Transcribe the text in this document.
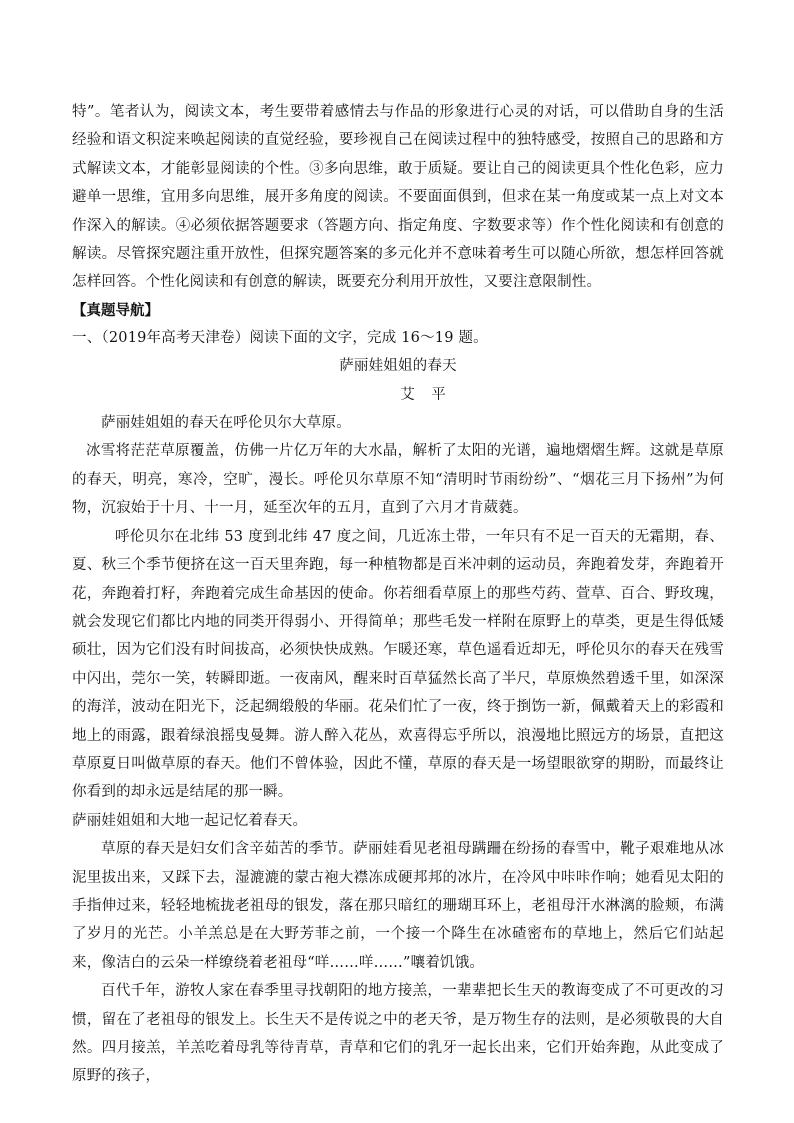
特”。笔者认为，阅读文本，考生要带着感情去与作品的形象进行心灵的对话，可以借助自身的生活经验和语文积淀来唤起阅读的直觉经验，要珍视自己在阅读过程中的独特感受，按照自己的思路和方式解读文本，才能彰显阅读的个性。③多向思维，敢于质疑。要让自己的阅读更具个性化色彩，应力避单一思维，宜用多向思维，展开多角度的阅读。不要面面俱到，但求在某一角度或某一点上对文本作深入的解读。④必须依据答题要求（答题方向、指定角度、字数要求等）作个性化阅读和有创意的解读。尽管探究题注重开放性，但探究题答案的多元化并不意味着考生可以随心所欲，想怎样回答就怎样回答。个性化阅读和有创意的解读，既要充分利用开放性，又要注意限制性。

【真题导航】

一、（2019年高考天津卷）阅读下面的文字，完成 16～19 题。

萨丽娃姐姐的春天

艾 平

萨丽娃姐姐的春天在呼伦贝尔大草原。

冰雪将茫茫草原覆盖，仿佛一片亿万年的大水晶，解析了太阳的光谱，遍地熠熠生辉。这就是草原的春天，明亮，寒冷，空旷，漫长。呼伦贝尔草原不知“清明时节雨纷纷”、“烟花三月下扬州”为何物，沉寂始于十月、十一月，延至次年的五月，直到了六月才肯葳蕤。

呼伦贝尔在北纬 53 度到北纬 47 度之间，几近冻土带，一年只有不足一百天的无霜期，春、夏、秋三个季节便挤在这一百天里奔跑，每一种植物都是百米冲刺的运动员，奔跑着发芽，奔跑着开花，奔跑着打籽，奔跑着完成生命基因的使命。你若细看草原上的那些芍药、萱草、百合、野玫瑰，就会发现它们都比内地的同类开得弱小、开得简单；那些毛发一样附在原野上的草类，更是生得低矮硕壮，因为它们没有时间拔高，必须快快成熟。乍暖还寒，草色遥看近却无，呼伦贝尔的春天在残雪中闪出，莞尔一笑，转瞬即逝。一夜南风，醒来时百草猛然长高了半尺，草原焕然碧透千里，如深深的海洋，波动在阳光下，泛起绸缎般的华丽。花朵们忙了一夜，终于捯饬一新，佩戴着天上的彩霞和地上的雨露，跟着绿浪摇曳曼舞。游人醉入花丛，欢喜得忘乎所以，浪漫地比照远方的场景，直把这草原夏日叫做草原的春天。他们不曾体验，因此不懂，草原的春天是一场望眼欲穿的期盼，而最终让你看到的却永远是结尾的那一瞬。

萨丽娃姐姐和大地一起记忆着春天。

草原的春天是妇女们含辛茹苦的季节。萨丽娃看见老祖母蹒跚在纷扬的春雪中，靴子艰难地从冰泥里拔出来，又踩下去，湿漉漉的蒙古袍大襟冻成硬邦邦的冰片，在冷风中咔咔作响；她看见太阳的手指伸过来，轻轻地梳拢老祖母的银发，落在那只暗红的珊瑚耳环上，老祖母汗水淋漓的脸颊，布满了岁月的光芒。小羊羔总是在大野芳菲之前，一个接一个降生在冰碴密布的草地上，然后它们站起来，像洁白的云朵一样缭绕着老祖母“咩……咩……”嚷着饥饿。

百代千年，游牧人家在春季里寻找朝阳的地方接羔，一辈辈把长生天的教诲变成了不可更改的习惯，留在了老祖母的银发上。长生天不是传说之中的老天爷，是万物生存的法则，是必须敬畏的大自然。四月接羔，羊羔吃着母乳等待青草，青草和它们的乳牙一起长出来，它们开始奔跑，从此变成了原野的孩子，
